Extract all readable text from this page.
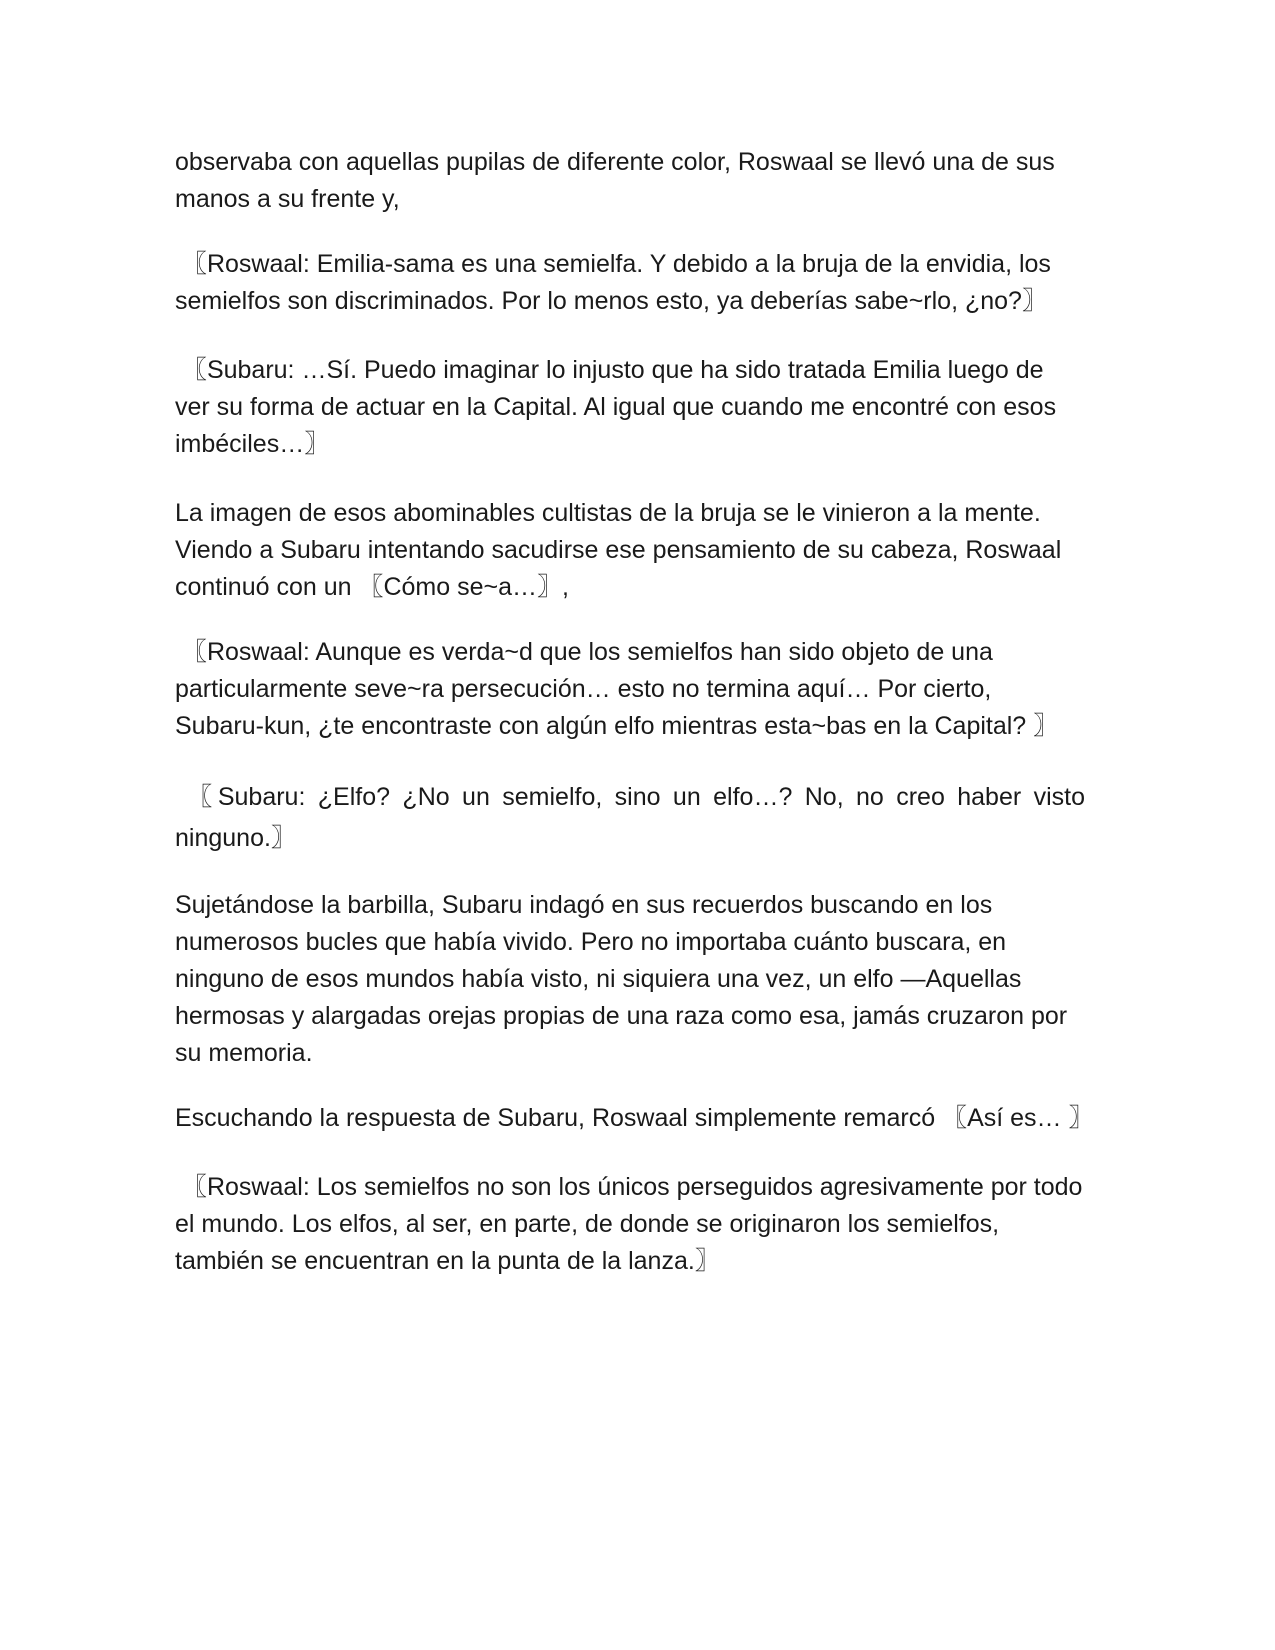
observaba con aquellas pupilas de diferente color, Roswaal se llevó una de sus manos a su frente y,

〖Roswaal: Emilia-sama es una semielfa. Y debido a la bruja de la envidia, los semielfos son discriminados. Por lo menos esto, ya deberías sabe~rlo, ¿no?〗

〖Subaru: …Sí. Puedo imaginar lo injusto que ha sido tratada Emilia luego de ver su forma de actuar en la Capital. Al igual que cuando me encontré con esos imbéciles…〗

La imagen de esos abominables cultistas de la bruja se le vinieron a la mente. Viendo a Subaru intentando sacudirse ese pensamiento de su cabeza, Roswaal continuó con un 〖Cómo se~a…〗,

〖Roswaal: Aunque es verda~d que los semielfos han sido objeto de una particularmente seve~ra persecución… esto no termina aquí… Por cierto, Subaru-kun, ¿te encontraste con algún elfo mientras esta~bas en la Capital? 〗

〖Subaru: ¿Elfo? ¿No un semielfo, sino un elfo…? No, no creo haber visto ninguno.〗

Sujetándose la barbilla, Subaru indagó en sus recuerdos buscando en los numerosos bucles que había vivido. Pero no importaba cuánto buscara, en ninguno de esos mundos había visto, ni siquiera una vez, un elfo —Aquellas hermosas y alargadas orejas propias de una raza como esa, jamás cruzaron por su memoria.

Escuchando la respuesta de Subaru, Roswaal simplemente remarcó 〖Así es… 〗

〖Roswaal: Los semielfos no son los únicos perseguidos agresivamente por todo el mundo. Los elfos, al ser, en parte, de donde se originaron los semielfos, también se encuentran en la punta de la lanza.〗
